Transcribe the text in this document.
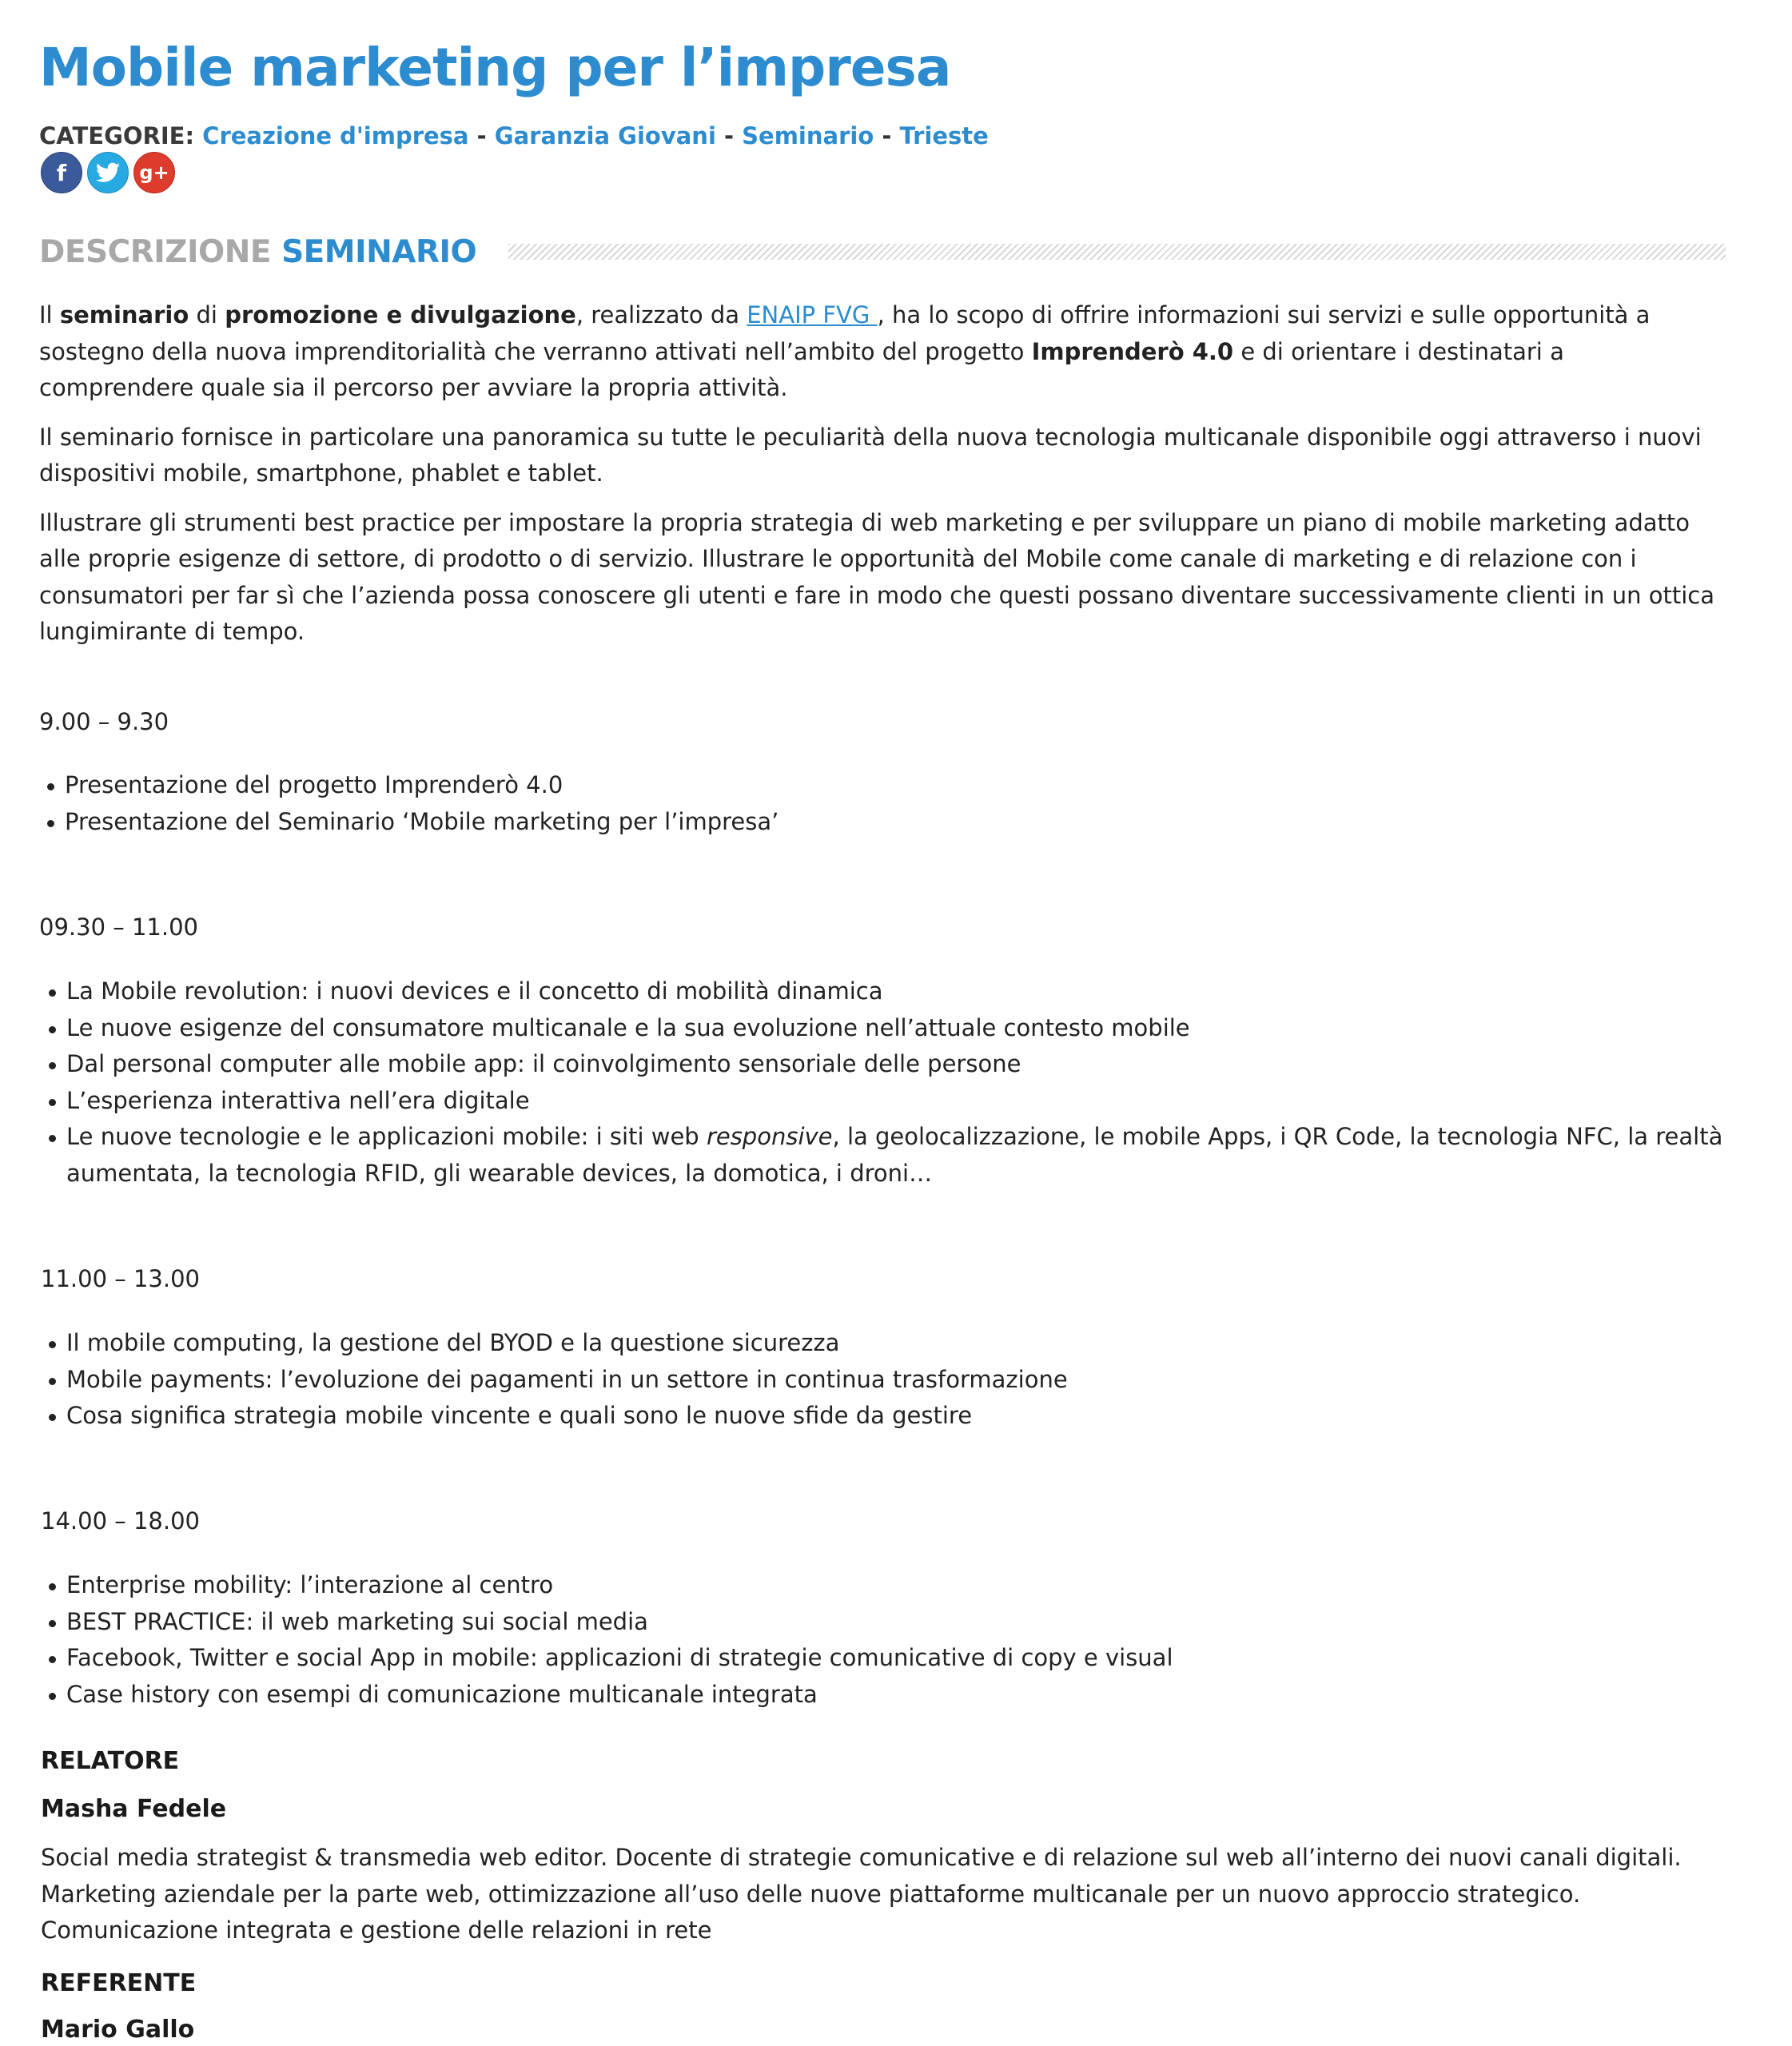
Mobile marketing per l’impresa
CATEGORIE: Creazione d'impresa - Garanzia Giovani - Seminario - Trieste
f	g+
DESCRIZIONE SEMINARIO

Il seminario di promozione e divulgazione, realizzato da ENAIP FVG , ha lo scopo di offrire informazioni sui servizi e sulle opportunità a sostegno della nuova imprenditorialità che verranno attivati nell’ambito del progetto Imprenderò 4.0 e di orientare i destinatari a comprendere quale sia il percorso per avviare la propria attività.

Il seminario fornisce in particolare una panoramica su tutte le peculiarità della nuova tecnologia multicanale disponibile oggi attraverso i nuovi dispositivi mobile, smartphone, phablet e tablet.

Illustrare gli strumenti best practice per impostare la propria strategia di web marketing e per sviluppare un piano di mobile marketing adatto alle proprie esigenze di settore, di prodotto o di servizio. Illustrare le opportunità del Mobile come canale di marketing e di relazione con i consumatori per far sì che l’azienda possa conoscere gli utenti e fare in modo che questi possano diventare successivamente clienti in un ottica lungimirante di tempo.

9.00 – 9.30
Presentazione del progetto Imprenderò 4.0
Presentazione del Seminario ‘Mobile marketing per l’impresa’
09.30 – 11.00
La Mobile revolution: i nuovi devices e il concetto di mobilità dinamica
Le nuove esigenze del consumatore multicanale e la sua evoluzione nell’attuale contesto mobile
Dal personal computer alle mobile app: il coinvolgimento sensoriale delle persone
L’esperienza interattiva nell’era digitale
Le nuove tecnologie e le applicazioni mobile: i siti web responsive, la geolocalizzazione, le mobile Apps, i QR Code, la tecnologia NFC, la realtà aumentata, la tecnologia RFID, gli wearable devices, la domotica, i droni…
11.00 – 13.00
Il mobile computing, la gestione del BYOD e la questione sicurezza
Mobile payments: l’evoluzione dei pagamenti in un settore in continua trasformazione
Cosa significa strategia mobile vincente e quali sono le nuove sfide da gestire
14.00 – 18.00
Enterprise mobility: l’interazione al centro
BEST PRACTICE: il web marketing sui social media
Facebook, Twitter e social App in mobile: applicazioni di strategie comunicative di copy e visual
Case history con esempi di comunicazione multicanale integrata
RELATORE
Masha Fedele
Social media strategist & transmedia web editor. Docente di strategie comunicative e di relazione sul web all’interno dei nuovi canali digitali. Marketing aziendale per la parte web, ottimizzazione all’uso delle nuove piattaforme multicanale per un nuovo approccio strategico. Comunicazione integrata e gestione delle relazioni in rete
REFERENTE
Mario Gallo
